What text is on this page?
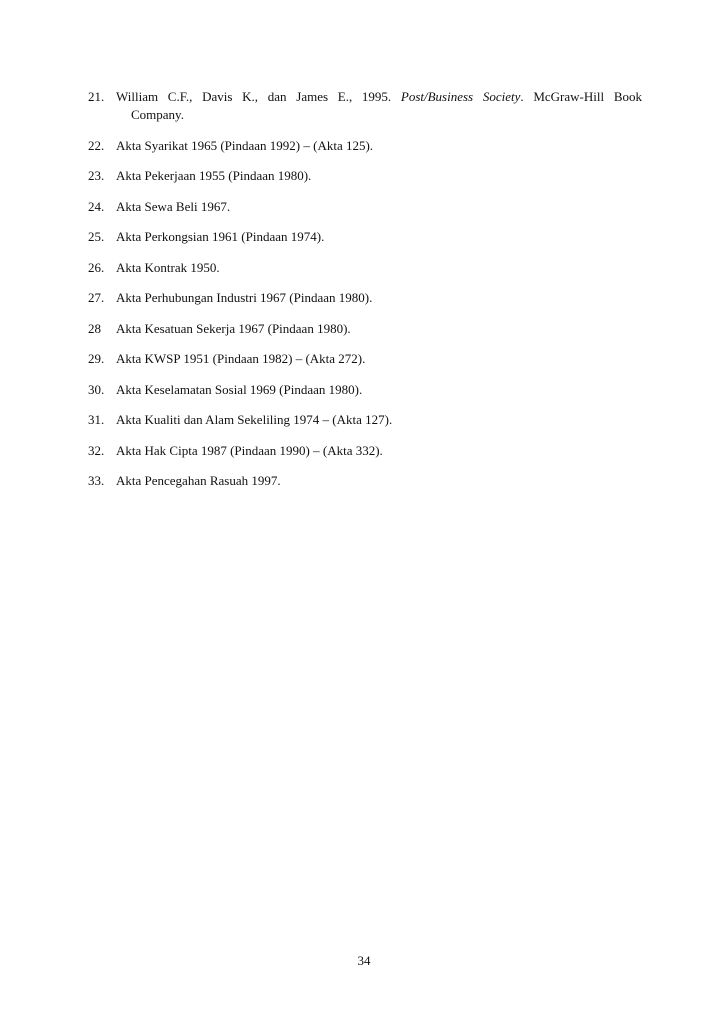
21. William C.F., Davis K., dan James E., 1995. Post/Business Society. McGraw-Hill Book
Company.
22. Akta Syarikat 1965 (Pindaan 1992) – (Akta 125).
23. Akta Pekerjaan 1955 (Pindaan 1980).
24. Akta Sewa Beli 1967.
25. Akta Perkongsian 1961 (Pindaan 1974).
26. Akta Kontrak 1950.
27. Akta Perhubungan Industri 1967 (Pindaan 1980).
28 Akta Kesatuan Sekerja 1967 (Pindaan 1980).
29. Akta KWSP 1951 (Pindaan 1982) – (Akta 272).
30. Akta Keselamatan Sosial 1969 (Pindaan 1980).
31. Akta Kualiti dan Alam Sekeliling 1974 – (Akta 127).
32. Akta Hak Cipta 1987 (Pindaan 1990) – (Akta 332).
33. Akta Pencegahan Rasuah 1997.
34
